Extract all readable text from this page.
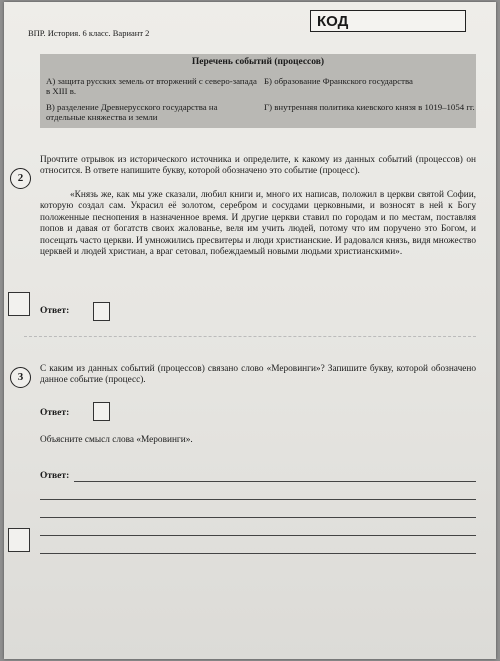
ВПР. История. 6 класс. Вариант 2
КОД
Перечень событий (процессов)
А) защита русских земель от вторжений с северо-запада в XIII в.
Б) образование Франкского государства
В) разделение Древнерусского государства на отдельные княжества и земли
Г) внутренняя политика киевского князя в 1019–1054 гг.
2
Прочтите отрывок из исторического источника и определите, к какому из данных событий (процессов) он относится. В ответе напишите букву, которой обозначено это событие (процесс).
«Князь же, как мы уже сказали, любил книги и, много их написав, положил в церкви святой Софии, которую создал сам. Украсил её золотом, серебром и сосудами церковными, и возносят в ней к Богу положенные песнопения в назначенное время. И другие церкви ставил по городам и по местам, поставляя попов и давая от богатств своих жалованье, веля им учить людей, потому что им поручено это Богом, и посещать часто церкви. И умножились пресвитеры и люди христианские. И радовался князь, видя множество церквей и людей христиан, а враг сетовал, побеждаемый новыми людьми христианскими».
Ответ:
3
С каким из данных событий (процессов) связано слово «Меровинги»? Запишите букву, которой обозначено данное событие (процесс).
Ответ:
Объясните смысл слова «Меровинги».
Ответ:
